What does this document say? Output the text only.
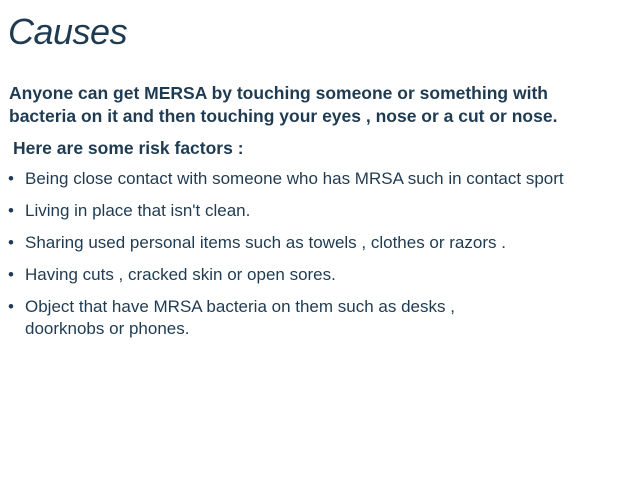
Causes
Anyone can get MERSA by touching someone or something with
bacteria on it and then touching your eyes , nose or a cut or nose.
Here are some risk factors :
• Being close contact with someone who has MRSA such in contact sport
• Living in place that isn't clean.
• Sharing used personal items such as towels , clothes or razors .
• Having cuts , cracked skin or open sores.
• Object that have MRSA bacteria on them such as desks ,
doorknobs or phones.
